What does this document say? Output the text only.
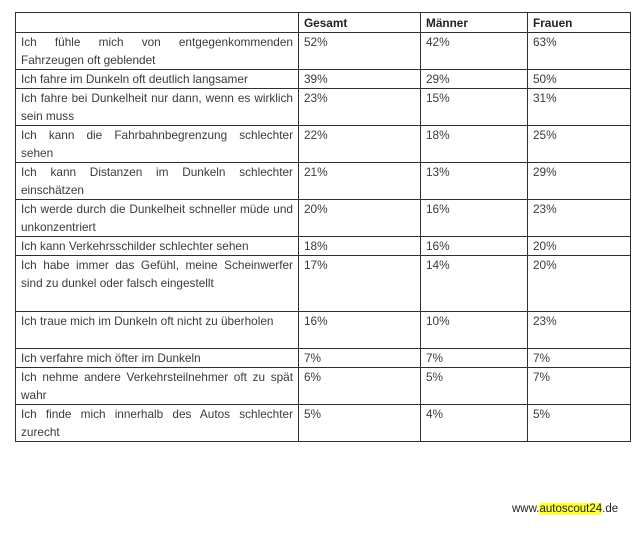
	Gesamt	Männer	Frauen
Ich fühle mich von entgegenkommenden Fahrzeugen oft geblendet	52%	42%	63%
Ich fahre im Dunkeln oft deutlich langsamer	39%	29%	50%
Ich fahre bei Dunkelheit nur dann, wenn es wirklich sein muss	23%	15%	31%
Ich kann die Fahrbahnbegrenzung schlechter sehen	22%	18%	25%
Ich kann Distanzen im Dunkeln schlechter einschätzen	21%	13%	29%
Ich werde durch die Dunkelheit schneller müde und unkonzentriert	20%	16%	23%
Ich kann Verkehrsschilder schlechter sehen	18%	16%	20%
Ich habe immer das Gefühl, meine Scheinwerfer sind zu dunkel oder falsch eingestellt	17%	14%	20%
Ich traue mich im Dunkeln oft nicht zu überholen	16%	10%	23%
Ich verfahre mich öfter im Dunkeln	7%	7%	7%
Ich nehme andere Verkehrsteilnehmer oft zu spät wahr	6%	5%	7%
Ich finde mich innerhalb des Autos schlechter zurecht	5%	4%	5%
www.autoscout24.de
